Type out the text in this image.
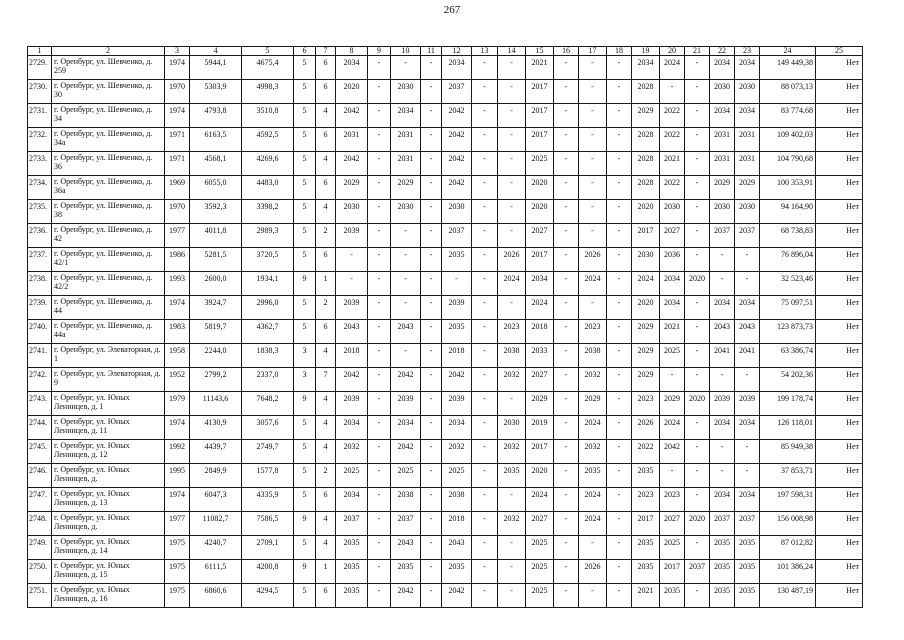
267
1	2	3	4	5	6	7	8	9	10	11	12	13	14	15	16	17	18	19	20	21	22	23	24	25
2729.	г. Оренбург, ул. Шевченко, д. 259	1974	5944,1	4675,4	5	6	2034	-	-	-	2034	-	-	2021	-	-	-	2034	2024	-	2034	2034	149 449,38	Нет
2730.	г. Оренбург, ул. Шевченко, д. 30	1970	5303,9	4998,3	5	6	2020	-	2030	-	2037	-	-	2017	-	-	-	2028	-	-	2030	2030	88 073,13	Нет
2731.	г. Оренбург, ул. Шевченко, д. 34	1974	4793,8	3510,8	5	4	2042	-	2034	-	2042	-	-	2017	-	-	-	2029	2022	-	2034	2034	83 774,68	Нет
2732.	г. Оренбург, ул. Шевченко, д. 34а	1971	6163,5	4592,5	5	6	2031	-	2031	-	2042	-	-	2017	-	-	-	2028	2022	-	2031	2031	109 402,03	Нет
2733.	г. Оренбург, ул. Шевченко, д. 36	1971	4568,1	4269,6	5	4	2042	-	2031	-	2042	-	-	2025	-	-	-	2028	2021	-	2031	2031	104 790,68	Нет
2734.	г. Оренбург, ул. Шевченко, д. 36а	1969	6055,0	4483,0	5	6	2029	-	2029	-	2042	-	-	2020	-	-	-	2028	2022	-	2029	2029	100 353,91	Нет
2735.	г. Оренбург, ул. Шевченко, д. 38	1970	3592,3	3398,2	5	4	2030	-	2030	-	2030	-	-	2020	-	-	-	2020	2030	-	2030	2030	94 164,90	Нет
2736.	г. Оренбург, ул. Шевченко, д. 42	1977	4011,8	2989,3	5	2	2039	-	-	-	2037	-	-	2027	-	-	-	2017	2027	-	2037	2037	68 738,83	Нет
2737.	г. Оренбург, ул. Шевченко, д. 42/1	1986	5281,5	3720,5	5	6	-	-	-	-	2035	-	2026	2017	-	2026	-	2030	2036	-	-	-	76 896,04	Нет
2738.	г. Оренбург, ул. Шевченко, д. 42/2	1993	2600,0	1934,1	9	1	-	-	-	-	-	-	2024	2034	-	2024	-	2024	2034	2020	-	-	32 523,46	Нет
2739.	г. Оренбург, ул. Шевченко, д. 44	1974	3924,7	2996,0	5	2	2039	-	-	-	2039	-	-	2024	-	-	-	2020	2034	-	2034	2034	75 097,51	Нет
2740.	г. Оренбург, ул. Шевченко, д. 44а	1983	5819,7	4362,7	5	6	2043	-	2043	-	2035	-	2023	2018	-	2023	-	2029	2021	-	2043	2043	123 873,73	Нет
2741.	г. Оренбург, ул. Элеваторная, д. 1	1958	2244,0	1838,3	3	4	2018	-	-	-	2018	-	2038	2033	-	2038	-	2029	2025	-	2041	2041	63 386,74	Нет
2742.	г. Оренбург, ул. Элеваторная, д. 9	1952	2799,2	2337,0	3	7	2042	-	2042	-	2042	-	2032	2027	-	2032	-	2029	-	-	-	-	54 202,36	Нет
2743.	г. Оренбург, ул. Юных Ленинцев, д. 1	1979	11143,6	7648,2	9	4	2039	-	2039	-	2039	-	-	2029	-	2029	-	2023	2029	2020	2039	2039	199 178,74	Нет
2744.	г. Оренбург, ул. Юных Ленинцев, д. 11	1974	4130,9	3057,6	5	4	2034	-	2034	-	2034	-	2030	2019	-	2024	-	2026	2024	-	2034	2034	126 118,01	Нет
2745.	г. Оренбург, ул. Юных Ленинцев, д. 12	1992	4439,7	2749,7	5	4	2032	-	2042	-	2032	-	2032	2017	-	2032	-	2022	2042	-	-	-	85 949,38	Нет
2746.	г. Оренбург, ул. Юных Ленинцев, д.	1995	2849,9	1577,8	5	2	2025	-	2025	-	2025	-	2035	2020	-	2035	-	2035	-	-	-	-	37 853,71	Нет
2747.	г. Оренбург, ул. Юных Ленинцев, д. 13	1974	6047,3	4335,9	5	6	2034	-	2038	-	2038	-	-	2024	-	2024	-	2023	2023	-	2034	2034	197 598,31	Нет
2748.	г. Оренбург, ул. Юных Ленинцев, д.	1977	11082,7	7586,5	9	4	2037	-	2037	-	2018	-	2032	2027	-	2024	-	2017	2027	2020	2037	2037	156 008,98	Нет
2749.	г. Оренбург, ул. Юных Ленинцев, д. 14	1975	4240,7	2709,1	5	4	2035	-	2043	-	2043	-	-	2025	-	-	-	2035	2025	-	2035	2035	87 012,82	Нет
2750.	г. Оренбург, ул. Юных Ленинцев, д. 15	1975	6111,5	4200,8	9	1	2035	-	2035	-	2035	-	-	2025	-	2026	-	2035	2017	2037	2035	2035	101 386,24	Нет
2751.	г. Оренбург, ул. Юных Ленинцев, д. 16	1975	6860,6	4294,5	5	6	2035	-	2042	-	2042	-	-	2025	-	-	-	2021	2035	-	2035	2035	130 487,19	Нет
